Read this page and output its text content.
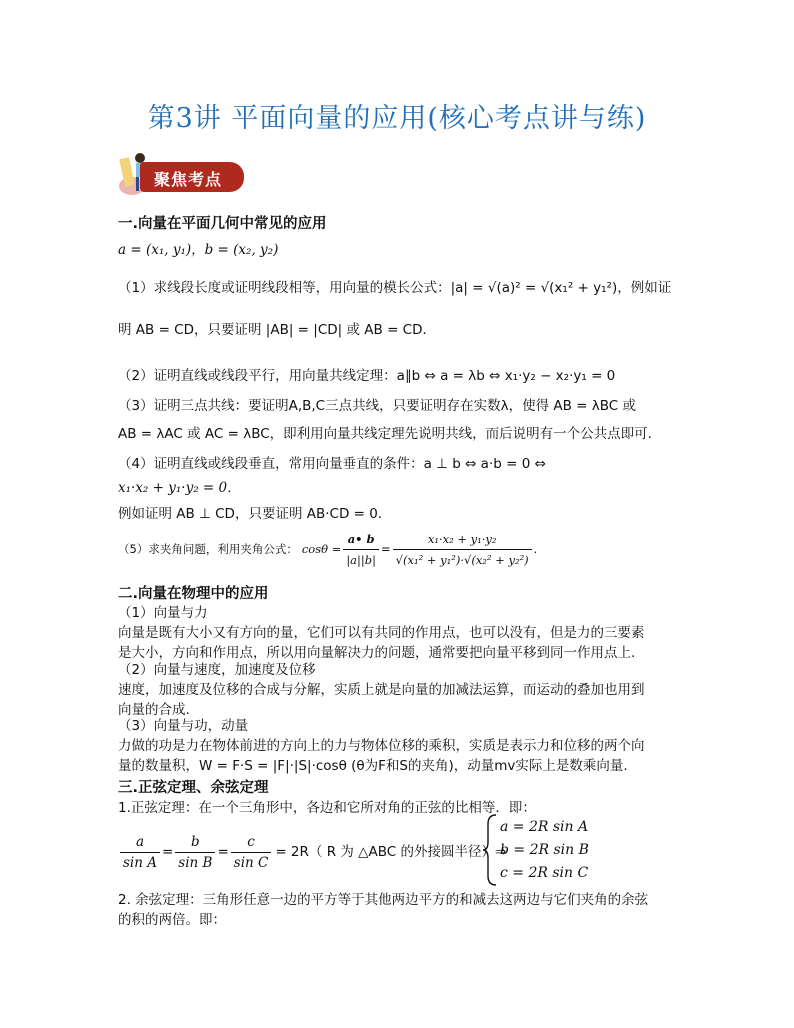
第3讲 平面向量的应用(核心考点讲与练)
聚焦考点
一.向量在平面几何中常见的应用
a = (x₁, y₁)，b = (x₂, y₂)
（1）求线段长度或证明线段相等，用向量的模长公式：|a| = √(a)² = √(x₁² + y₁²)，例如证
明 AB = CD，只要证明 |AB| = |CD| 或 AB = CD．
（2）证明直线或线段平行，用向量共线定理：a∥b ⇔ a = λb ⇔ x₁·y₂ − x₂·y₁ = 0
（3）证明三点共线：要证明A,B,C三点共线，只要证明存在实数λ，使得 AB = λBC 或
AB = λAC 或 AC = λBC，即利用向量共线定理先说明共线，而后说明有一个公共点即可.
（4）证明直线或线段垂直，常用向量垂直的条件：a ⊥ b ⇔ a·b = 0 ⇔
x₁·x₂ + y₁·y₂ = 0．
例如证明 AB ⊥ CD，只要证明 AB·CD = 0．
（5）求夹角问题，利用夹角公式： $\cos\theta = \frac{a• b}{|a||b|} = \frac{\text{x₁·x₂ + y₁·y₂}}{\text{√(x₁² + y₁²)·√(x₂² + y₂²)}}$ .
二.向量在物理中的应用
（1）向量与力
向量是既有大小又有方向的量，它们可以有共同的作用点，也可以没有，但是力的三要素
是大小，方向和作用点，所以用向量解决力的问题，通常要把向量平移到同一作用点上.
（2）向量与速度，加速度及位移
速度，加速度及位移的合成与分解，实质上就是向量的加减法运算，而运动的叠加也用到
向量的合成.
（3）向量与功，动量
力做的功是力在物体前进的方向上的力与物体位移的乘积，实质是表示力和位移的两个向
量的数量积，W = F·S = |F|·|S|·cosθ (θ为F和S的夹角)，动量mv实际上是数乘向量.
三.正弦定理、余弦定理
1.正弦定理：在一个三角形中，各边和它所对角的正弦的比相等．即：
$\frac{a}{\text{sin A}} = \frac{b}{\text{sin B}} = \frac{c}{\text{sin C}} = 2R$（ R 为 △ABC 的外接圆半径）⇒
a = 2R sin A
b = 2R sin B
c = 2R sin C
2. 余弦定理：三角形任意一边的平方等于其他两边平方的和减去这两边与它们夹角的余弦
的积的两倍。即：
